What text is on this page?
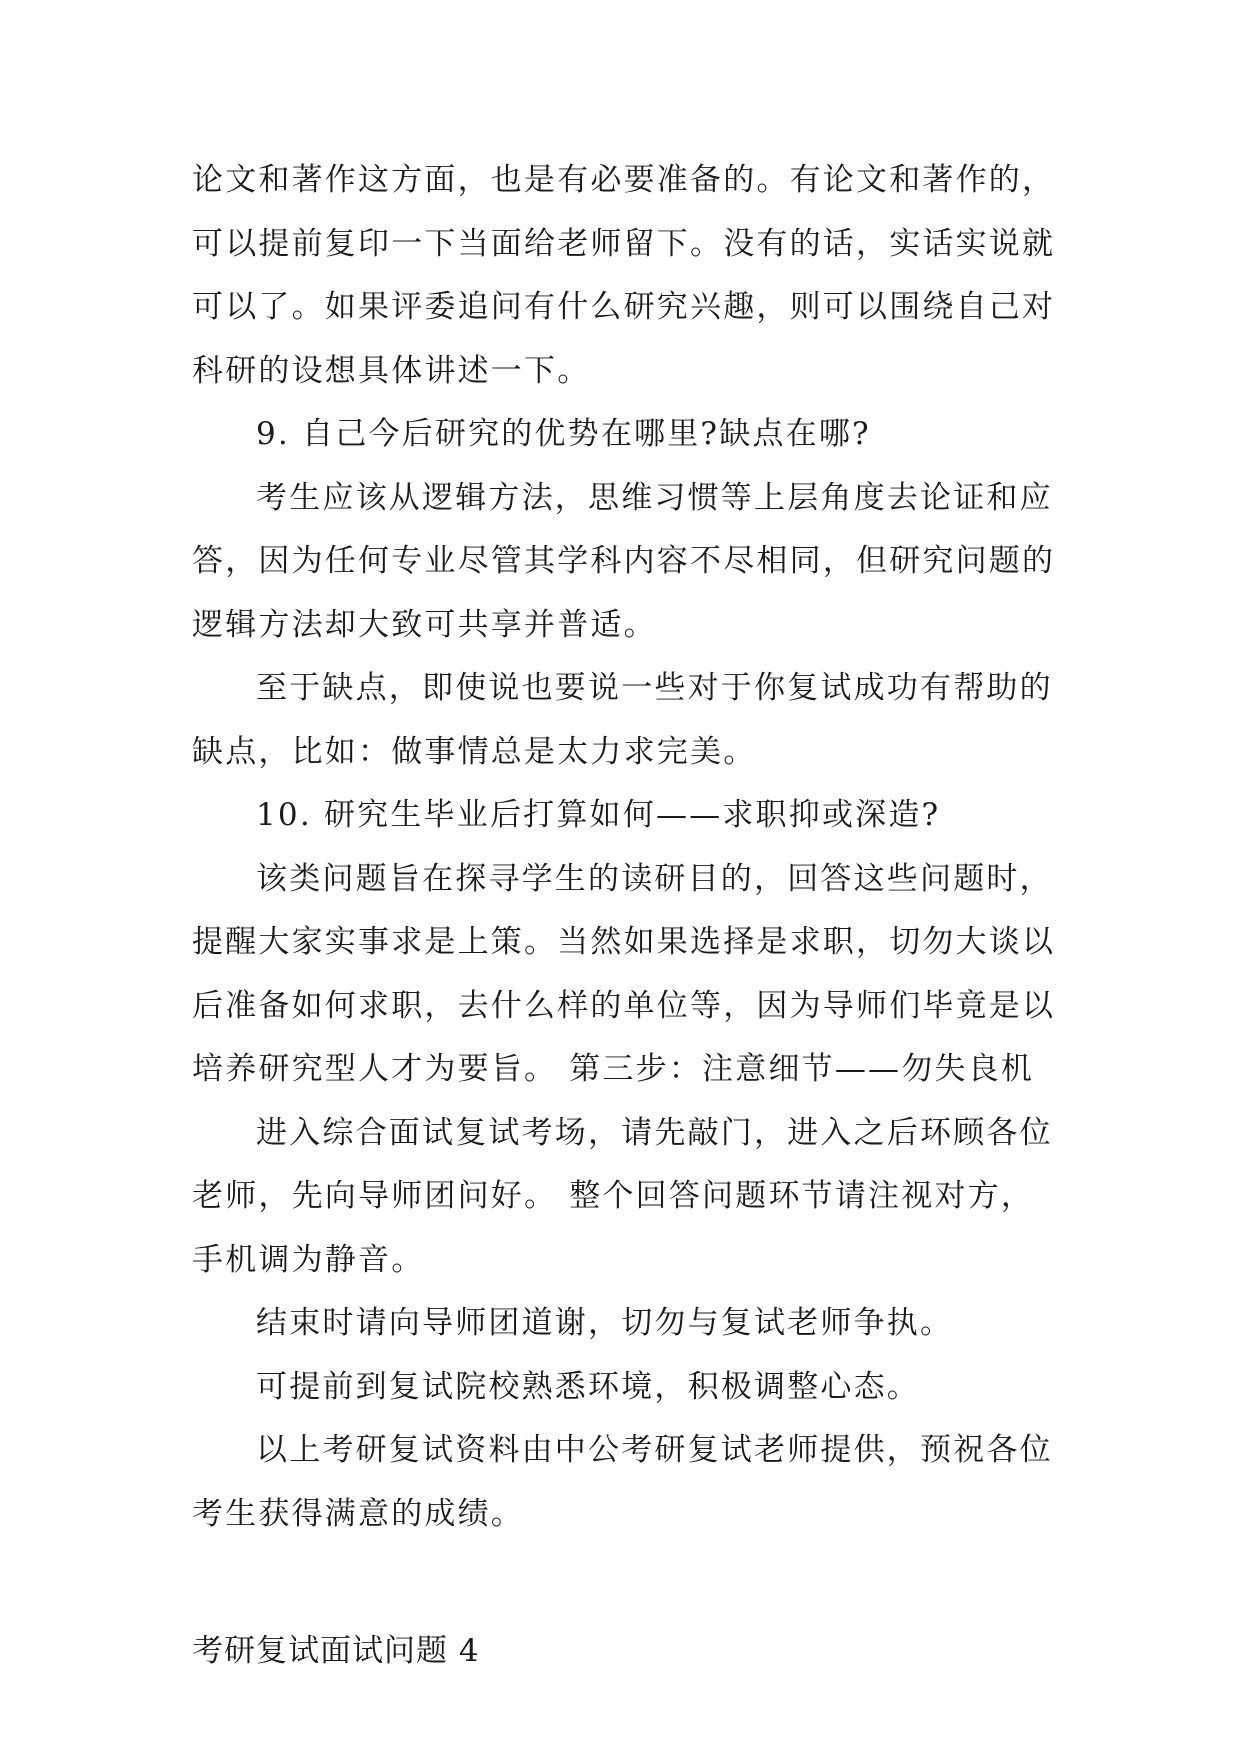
论文和著作这方面，也是有必要准备的。有论文和著作的，
可以提前复印一下当面给老师留下。没有的话，实话实说就
可以了。如果评委追问有什么研究兴趣，则可以围绕自己对
科研的设想具体讲述一下。
9. 自己今后研究的优势在哪里?缺点在哪?
考生应该从逻辑方法，思维习惯等上层角度去论证和应
答，因为任何专业尽管其学科内容不尽相同，但研究问题的
逻辑方法却大致可共享并普适。
至于缺点，即使说也要说一些对于你复试成功有帮助的
缺点，比如：做事情总是太力求完美。
10. 研究生毕业后打算如何——求职抑或深造?
该类问题旨在探寻学生的读研目的，回答这些问题时，
提醒大家实事求是上策。当然如果选择是求职，切勿大谈以
后准备如何求职，去什么样的单位等，因为导师们毕竟是以
培养研究型人才为要旨。 第三步：注意细节——勿失良机
进入综合面试复试考场，请先敲门，进入之后环顾各位
老师，先向导师团问好。 整个回答问题环节请注视对方，
手机调为静音。
结束时请向导师团道谢，切勿与复试老师争执。
可提前到复试院校熟悉环境，积极调整心态。
以上考研复试资料由中公考研复试老师提供，预祝各位
考生获得满意的成绩。
考研复试面试问题 4
